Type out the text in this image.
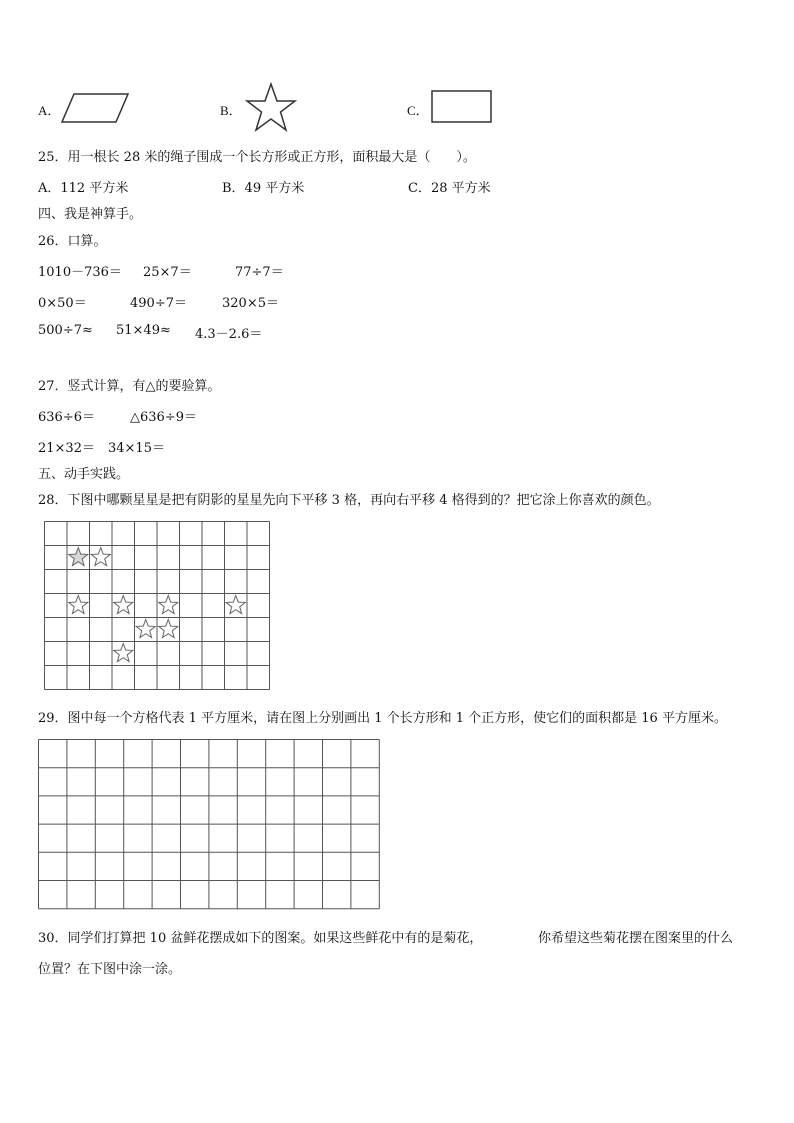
A．	B．	C．
25．用一根长 28 米的绳子围成一个长方形或正方形，面积最大是（　　）。
A．112 平方米	B．49 平方米	C．28 平方米
四、我是神算手。
26．口算。
1010－736＝ 25×7＝	77÷7＝
0×50＝	490÷7＝	320×5＝
500÷7≈ 51×49≈ 4.3－2.6＝
27．竖式计算，有△的要验算。
636÷6＝	△636÷9＝
21×32＝ 34×15＝
五、动手实践。
28．下图中哪颗星星是把有阴影的星星先向下平移 3 格，再向右平移 4 格得到的？把它涂上你喜欢的颜色。
29．图中每一个方格代表 1 平方厘米，请在图上分别画出 1 个长方形和 1 个正方形，使它们的面积都是 16 平方厘米。
30．同学们打算把 10 盆鲜花摆成如下的图案。如果这些鲜花中有的是菊花，	你希望这些菊花摆在图案里的什么
位置？在下图中涂一涂。
